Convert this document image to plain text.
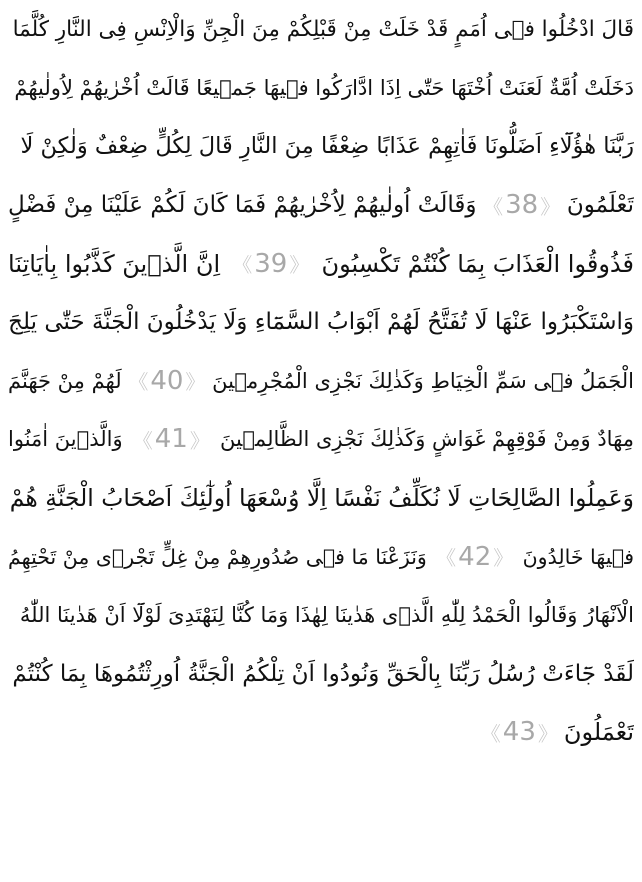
قَالَ ادْخُلُوا فٖى اُمَمٍ قَدْ خَلَتْ مِنْ قَبْلِكُمْ مِنَ الْجِنِّ وَالْاِنْسِ فِى النَّارِ كُلَّمَا
دَخَلَتْ اُمَّةٌ لَعَنَتْ اُخْتَهَا حَتّٰى اِذَا ادَّارَكُوا فٖيهَا جَمٖيعًا قَالَتْ اُخْرٰيهُمْ لِاُولٰيهُمْ
رَبَّنَا هٰؤُلَٓاءِ اَضَلُّونَا فَاٰتِهِمْ عَذَابًا ضِعْفًا مِنَ النَّارِ قَالَ لِكُلٍّ ضِعْفٌ وَلٰكِنْ لَا
تَعْلَمُونَ
《 38 》
وَقَالَتْ اُولٰيهُمْ لِاُخْرٰيهُمْ فَمَا كَانَ لَكُمْ عَلَيْنَا مِنْ فَضْلٍ
فَذُوقُوا الْعَذَابَ بِمَا كُنْتُمْ تَكْسِبُونَ
《 39 》
اِنَّ الَّذٖينَ كَذَّبُوا بِاٰيَاتِنَا
وَاسْتَكْبَرُوا عَنْهَا لَا تُفَتَّحُ لَهُمْ اَبْوَابُ السَّمَٓاءِ وَلَا يَدْخُلُونَ الْجَنَّةَ حَتّٰى يَلِجَ
الْجَمَلُ فٖى سَمِّ الْخِيَاطِ وَكَذٰلِكَ نَجْزِى الْمُجْرِمٖينَ
《 40 》
لَهُمْ مِنْ جَهَنَّمَ
مِهَادٌ وَمِنْ فَوْقِهِمْ غَوَاشٍ وَكَذٰلِكَ نَجْزِى الظَّالِمٖينَ
《 41 》
وَالَّذٖينَ اٰمَنُوا
وَعَمِلُوا الصَّالِحَاتِ لَا نُكَلِّفُ نَفْسًا اِلَّا وُسْعَهَا اُولٰٓئِكَ اَصْحَابُ الْجَنَّةِ هُمْ
فٖيهَا خَالِدُونَ
《 42 》
وَنَزَعْنَا مَا فٖى صُدُورِهِمْ مِنْ غِلٍّ تَجْرٖى مِنْ تَحْتِهِمُ
الْاَنْهَارُ وَقَالُوا الْحَمْدُ لِلّٰهِ الَّذٖى هَدٰينَا لِهٰذَا وَمَا كُنَّا لِنَهْتَدِىَ لَوْلَٓا اَنْ هَدٰينَا اللّٰهُ
لَقَدْ جَٓاءَتْ رُسُلُ رَبِّنَا بِالْحَقِّ وَنُودُوا اَنْ تِلْكُمُ الْجَنَّةُ اُورِثْتُمُوهَا بِمَا كُنْتُمْ
تَعْمَلُونَ
《 43 》
